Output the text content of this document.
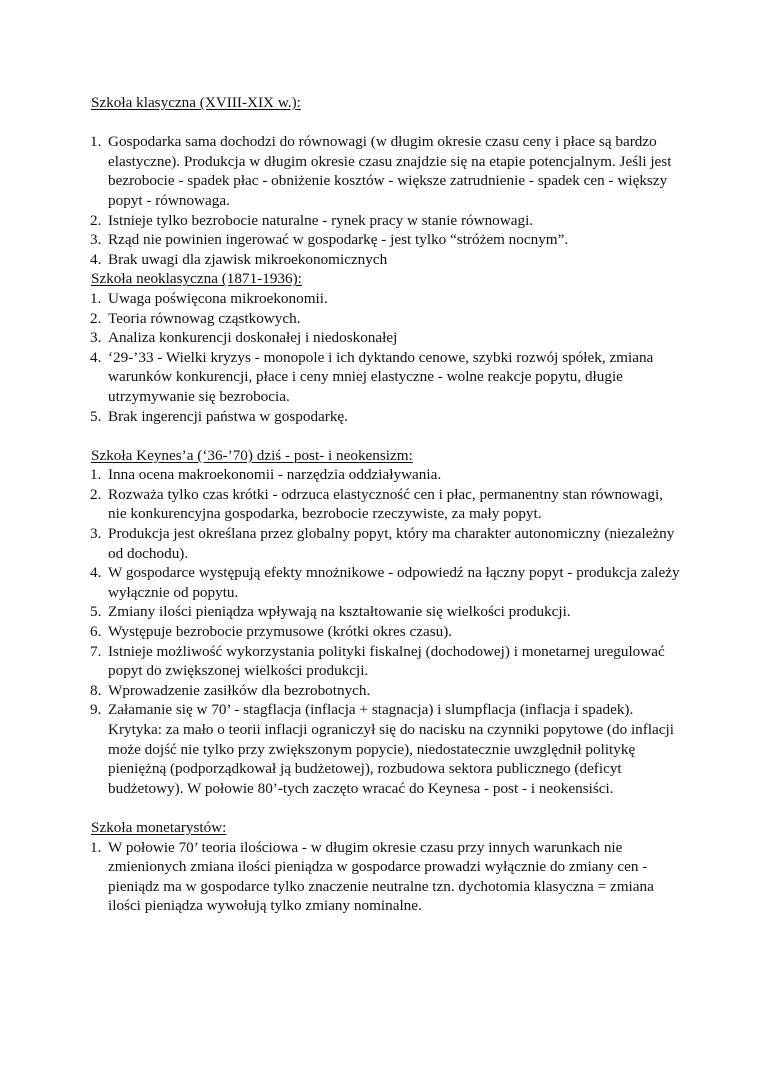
Szkoła klasyczna (XVIII-XIX w.):

1. Gospodarka sama dochodzi do równowagi (w długim okresie czasu ceny i płace są bardzo elastyczne). Produkcja w długim okresie czasu znajdzie się na etapie potencjalnym. Jeśli jest bezrobocie - spadek płac - obniżenie kosztów - większe zatrudnienie - spadek cen - większy popyt - równowaga.
2. Istnieje tylko bezrobocie naturalne - rynek pracy w stanie równowagi.
3. Rząd nie powinien ingerować w gospodarkę - jest tylko “stróżem nocnym”.
4. Brak uwagi dla zjawisk mikroekonomicznych

Szkoła neoklasyczna (1871-1936):

1. Uwaga poświęcona mikroekonomii.
2. Teoria równowag cząstkowych.
3. Analiza konkurencji doskonałej i niedoskonałej
4. ‘29-’33 - Wielki kryzys - monopole i ich dyktando cenowe, szybki rozwój spółek, zmiana warunków konkurencji, płace i ceny mniej elastyczne - wolne reakcje popytu, długie utrzymywanie się bezrobocia.
5. Brak ingerencji państwa w gospodarkę.

Szkoła Keynes’a (‘36-’70) dziś - post- i neokensizm:

1. Inna ocena makroekonomii - narzędzia oddziaływania.
2. Rozważa tylko czas krótki - odrzuca elastyczność cen i płac, permanentny stan równowagi, nie konkurencyjna gospodarka, bezrobocie rzeczywiste, za mały popyt.
3. Produkcja jest określana przez globalny popyt, który ma charakter autonomiczny (niezależny od dochodu).
4. W gospodarce występują efekty mnożnikowe - odpowiedź na łączny popyt - produkcja zależy wyłącznie od popytu.
5. Zmiany ilości pieniądza wpływają na kształtowanie się wielkości produkcji.
6. Występuje bezrobocie przymusowe (krótki okres czasu).
7. Istnieje możliwość wykorzystania polityki fiskalnej (dochodowej) i monetarnej uregulować popyt do zwiększonej wielkości produkcji.
8. Wprowadzenie zasiłków dla bezrobotnych.
9. Załamanie się w 70’ - stagflacja (inflacja + stagnacja) i slumpflacja (inflacja i spadek). Krytyka: za mało o teorii inflacji ograniczył się do nacisku na czynniki popytowe (do inflacji może dojść nie tylko przy zwiększonym popycie), niedostatecznie uwzględnił politykę pieniężną (podporządkował ją budżetowej), rozbudowa sektora publicznego (deficyt budżetowy). W połowie 80’-tych zaczęto wracać do Keynesa - post - i neokensiści.

Szkoła monetarystów:

1. W połowie 70’ teoria ilościowa - w długim okresie czasu przy innych warunkach nie zmienionych zmiana ilości pieniądza w gospodarce prowadzi wyłącznie do zmiany cen - pieniądz ma w gospodarce tylko znaczenie neutralne tzn. dychotomia klasyczna = zmiana ilości pieniądza wywołują tylko zmiany nominalne.
